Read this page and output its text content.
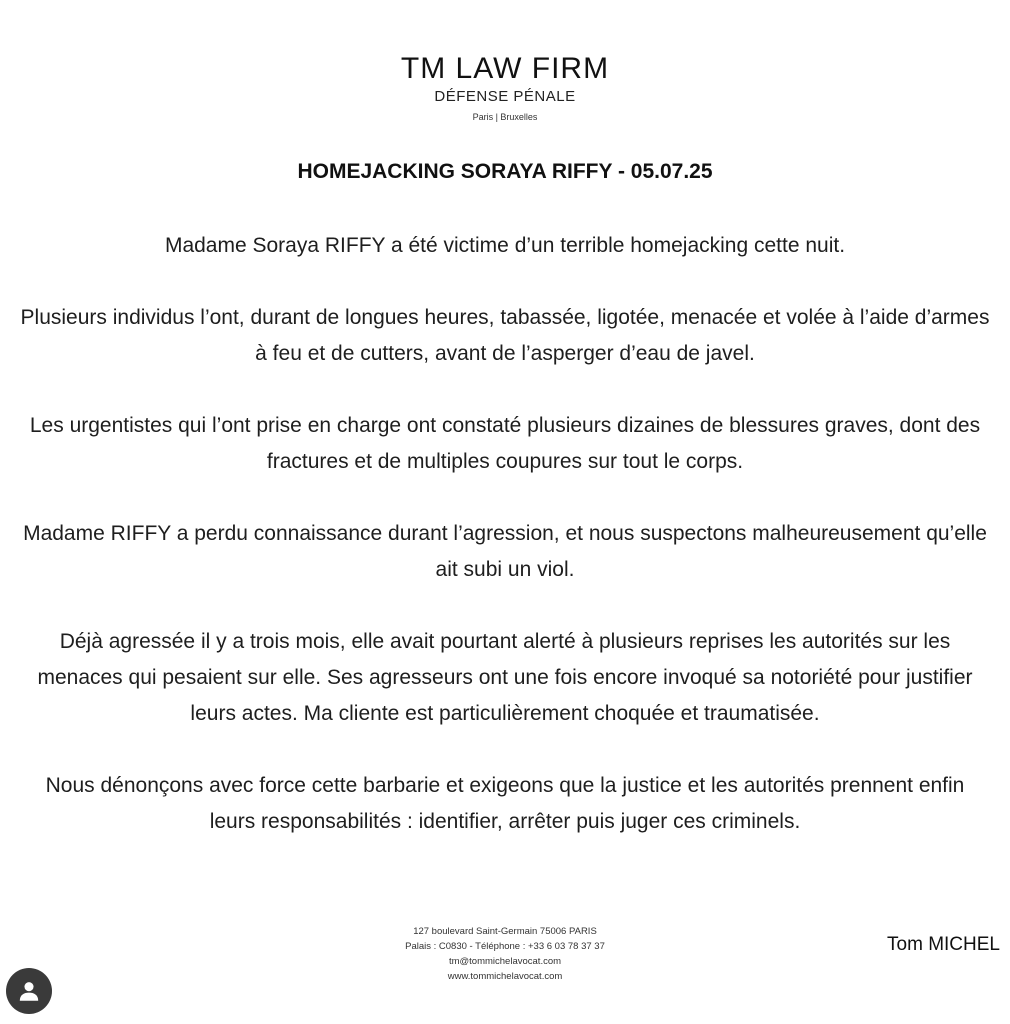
TM LAW FIRM
DÉFENSE PÉNALE
Paris | Bruxelles
HOMEJACKING SORAYA RIFFY - 05.07.25

Madame Soraya RIFFY a été victime d’un terrible homejacking cette nuit.

Plusieurs individus l’ont, durant de longues heures, tabassée, ligotée, menacée et volée à l’aide d’armes à feu et de cutters, avant de l’asperger d’eau de javel.

Les urgentistes qui l’ont prise en charge ont constaté plusieurs dizaines de blessures graves, dont des fractures et de multiples coupures sur tout le corps.

Madame RIFFY a perdu connaissance durant l’agression, et nous suspectons malheureusement qu’elle ait subi un viol.

Déjà agressée il y a trois mois, elle avait pourtant alerté à plusieurs reprises les autorités sur les menaces qui pesaient sur elle. Ses agresseurs ont une fois encore invoqué sa notoriété pour justifier leurs actes. Ma cliente est particulièrement choquée et traumatisée.

Nous dénonçons avec force cette barbarie et exigeons que la justice et les autorités prennent enfin leurs responsabilités : identifier, arrêter puis juger ces criminels.

127 boulevard Saint-Germain 75006 PARIS
Palais : C0830 - Téléphone : +33 6 03 78 37 37
tm@tommichelavocat.com
www.tommichelavocat.com
Tom MICHEL
